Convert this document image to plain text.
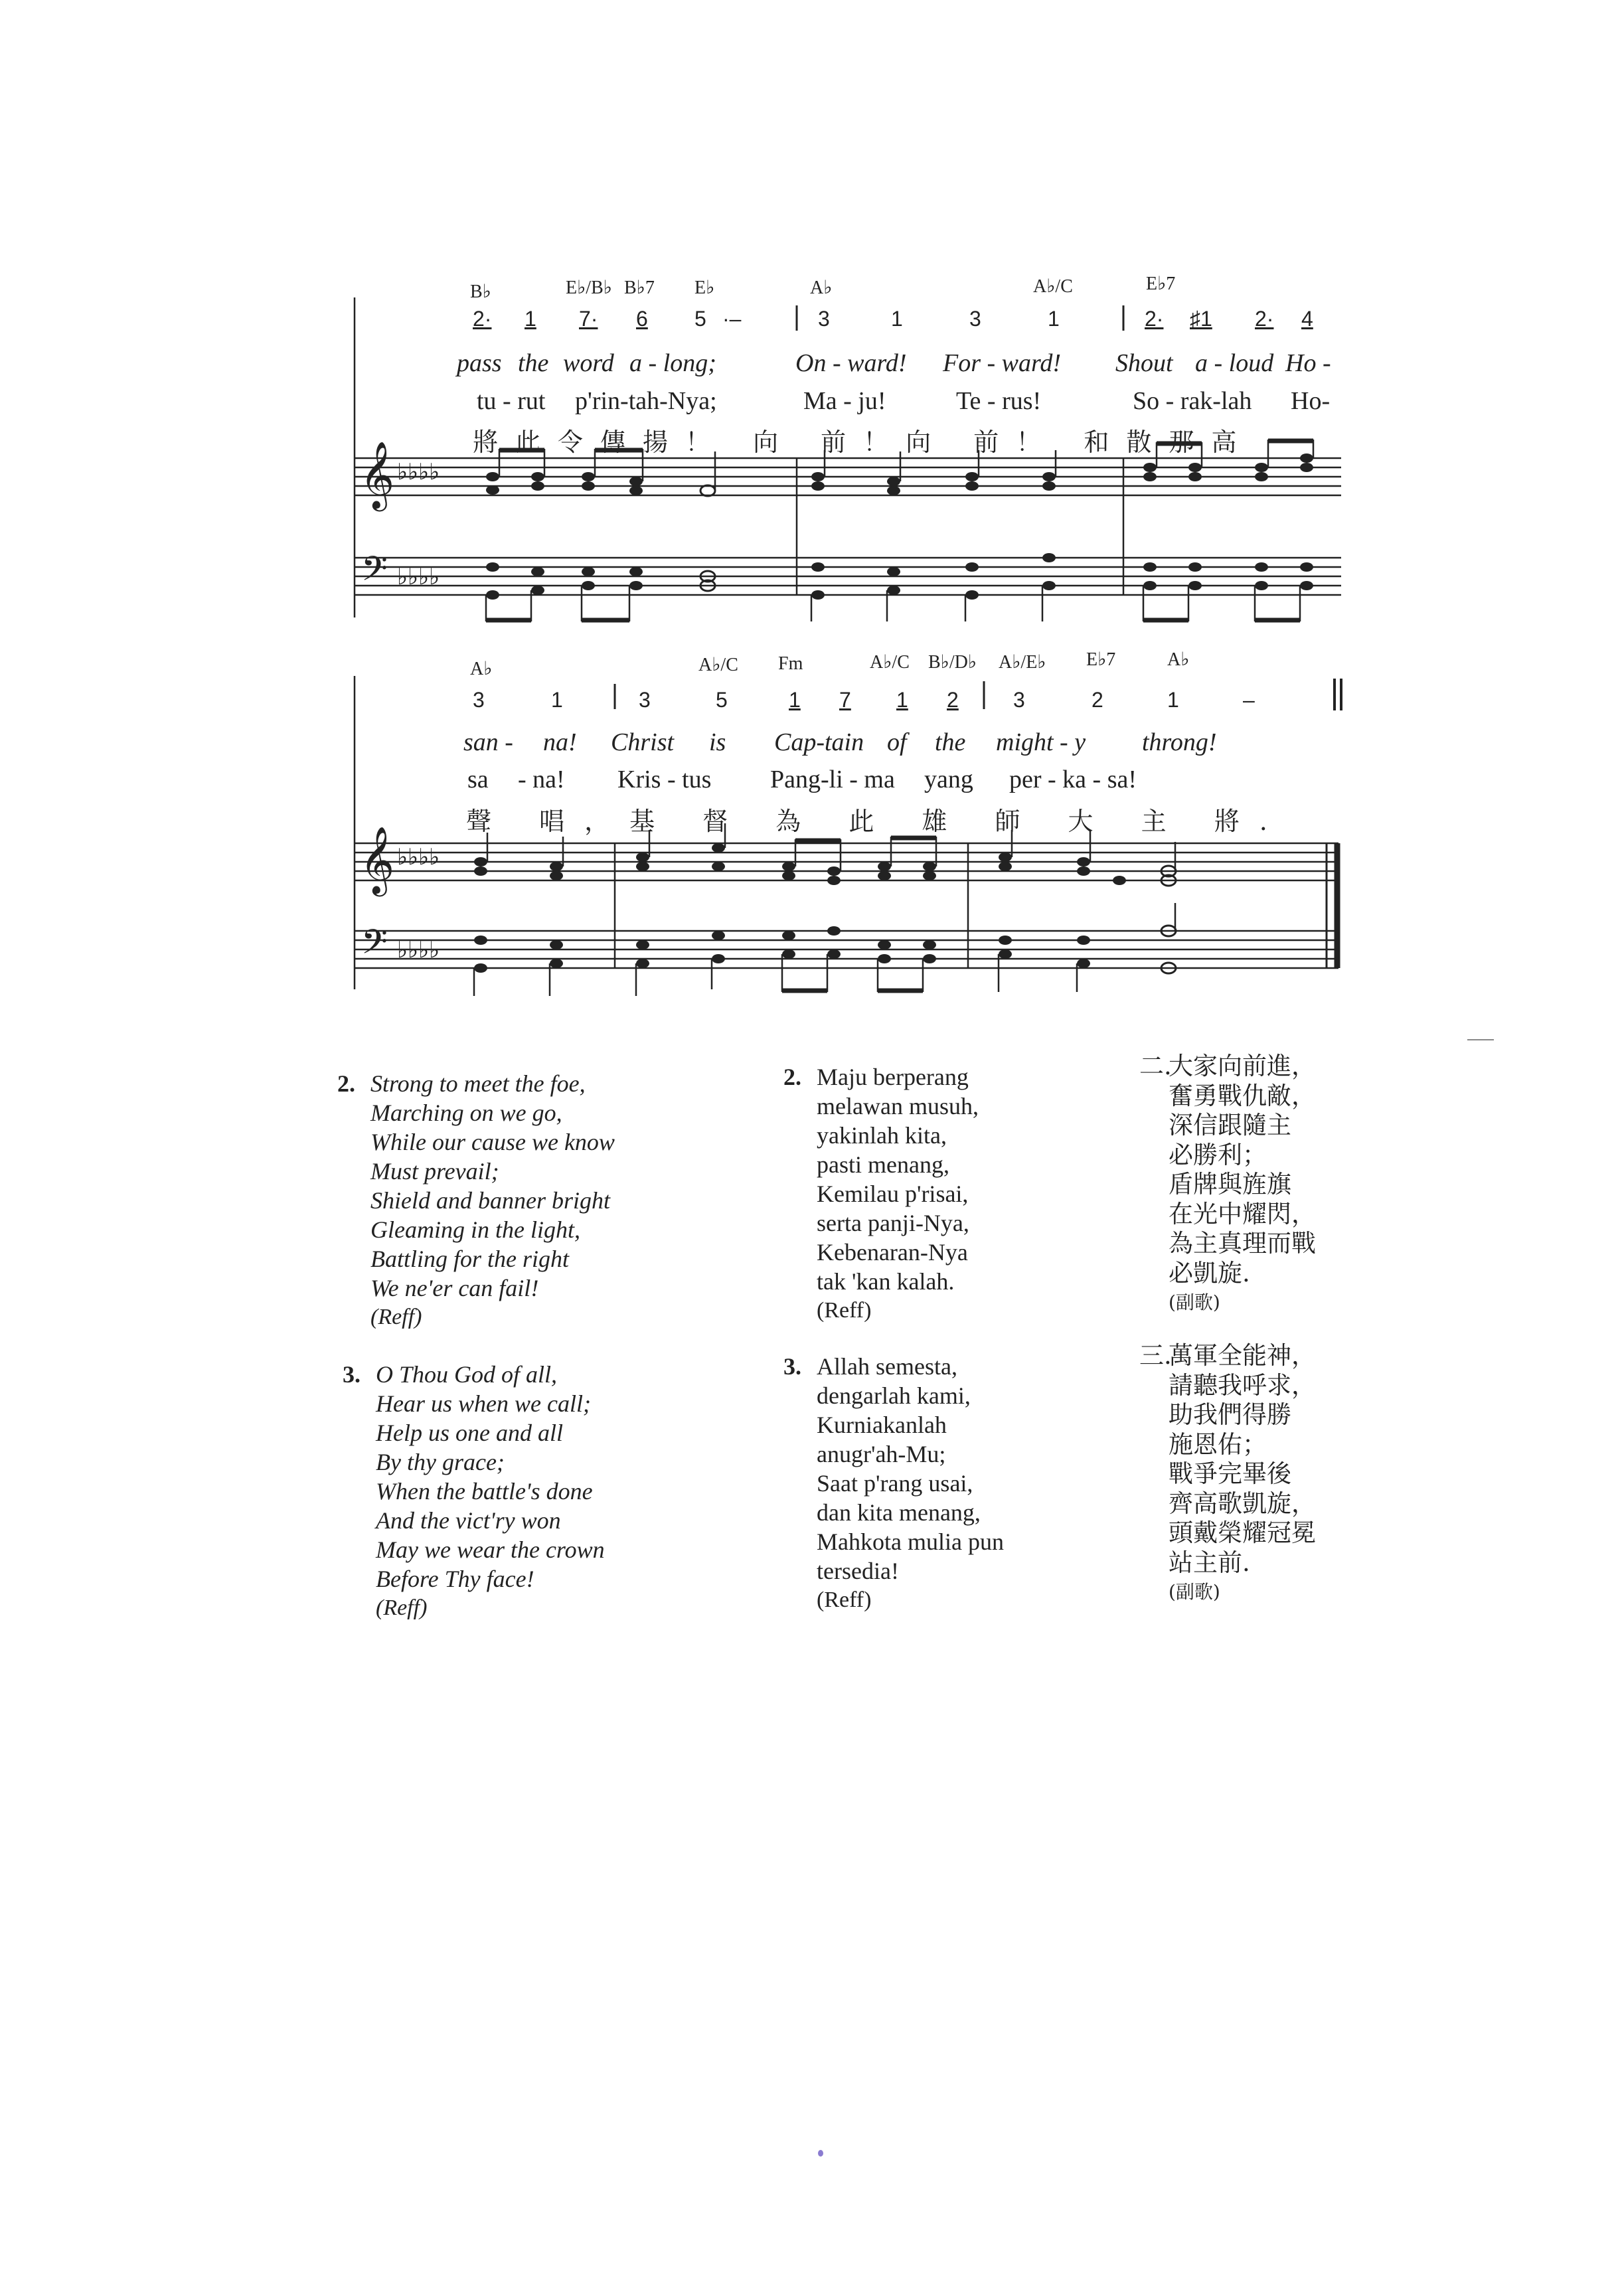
B♭	E♭/B♭ B♭7 E♭	A♭	A♭/C	E♭7
2· 1 7· 6 5 ·–	3	1	3	1	2· ♯1 2· 4
pass the word a - long;	On - ward! For - ward! Shout a - loud Ho -
tu - rut p'rin-tah-Nya;	Ma - ju!	Te - rus!	So - rak-lah Ho-
將此令傳揚！ 向 前！向 前！ 和散那高
𝄞
𝄢
♭♭♭♭
♭♭♭♭
A♭	A♭/C Fm	A♭/C B♭/D♭ A♭/E♭ E♭7	A♭
3	1	3	5	1 7 1 2	3	2	1	–
san - na! Christ is Cap-tain of the might - y throng!
sa - na! Kris - tus Pang-li - ma yang per - ka - sa!
聲 唱，基 督 為 此 雄 師 大 主 將.
𝄞
𝄢
♭♭♭♭
♭♭♭♭
2. Strong to meet the foe,
Marching on we go,
While our cause we know
Must prevail;
Shield and banner bright
Gleaming in the light,
Battling for the right
We ne'er can fail!
(Reff)
3. O Thou God of all,
Hear us when we call;
Help us one and all
By thy grace;
When the battle's done
And the vict'ry won
May we wear the crown
Before Thy face!
(Reff)
2. Maju berperang
melawan musuh,
yakinlah kita,
pasti menang,
Kemilau p'risai,
serta panji-Nya,
Kebenaran-Nya
tak 'kan kalah.
(Reff)
3. Allah semesta,
dengarlah kami,
Kurniakanlah
anugr'ah-Mu;
Saat p'rang usai,
dan kita menang,
Mahkota mulia pun
tersedia!
(Reff)
二.
大家向前進，
奮勇戰仇敵，
深信跟隨主
必勝利；
盾牌與旌旗
在光中耀閃，
為主真理而戰
必凱旋.
(副歌)
三.
萬軍全能神，
請聽我呼求，
助我們得勝
施恩佑；
戰爭完畢後
齊高歌凱旋，
頭戴榮耀冠冕
站主前.
(副歌)
